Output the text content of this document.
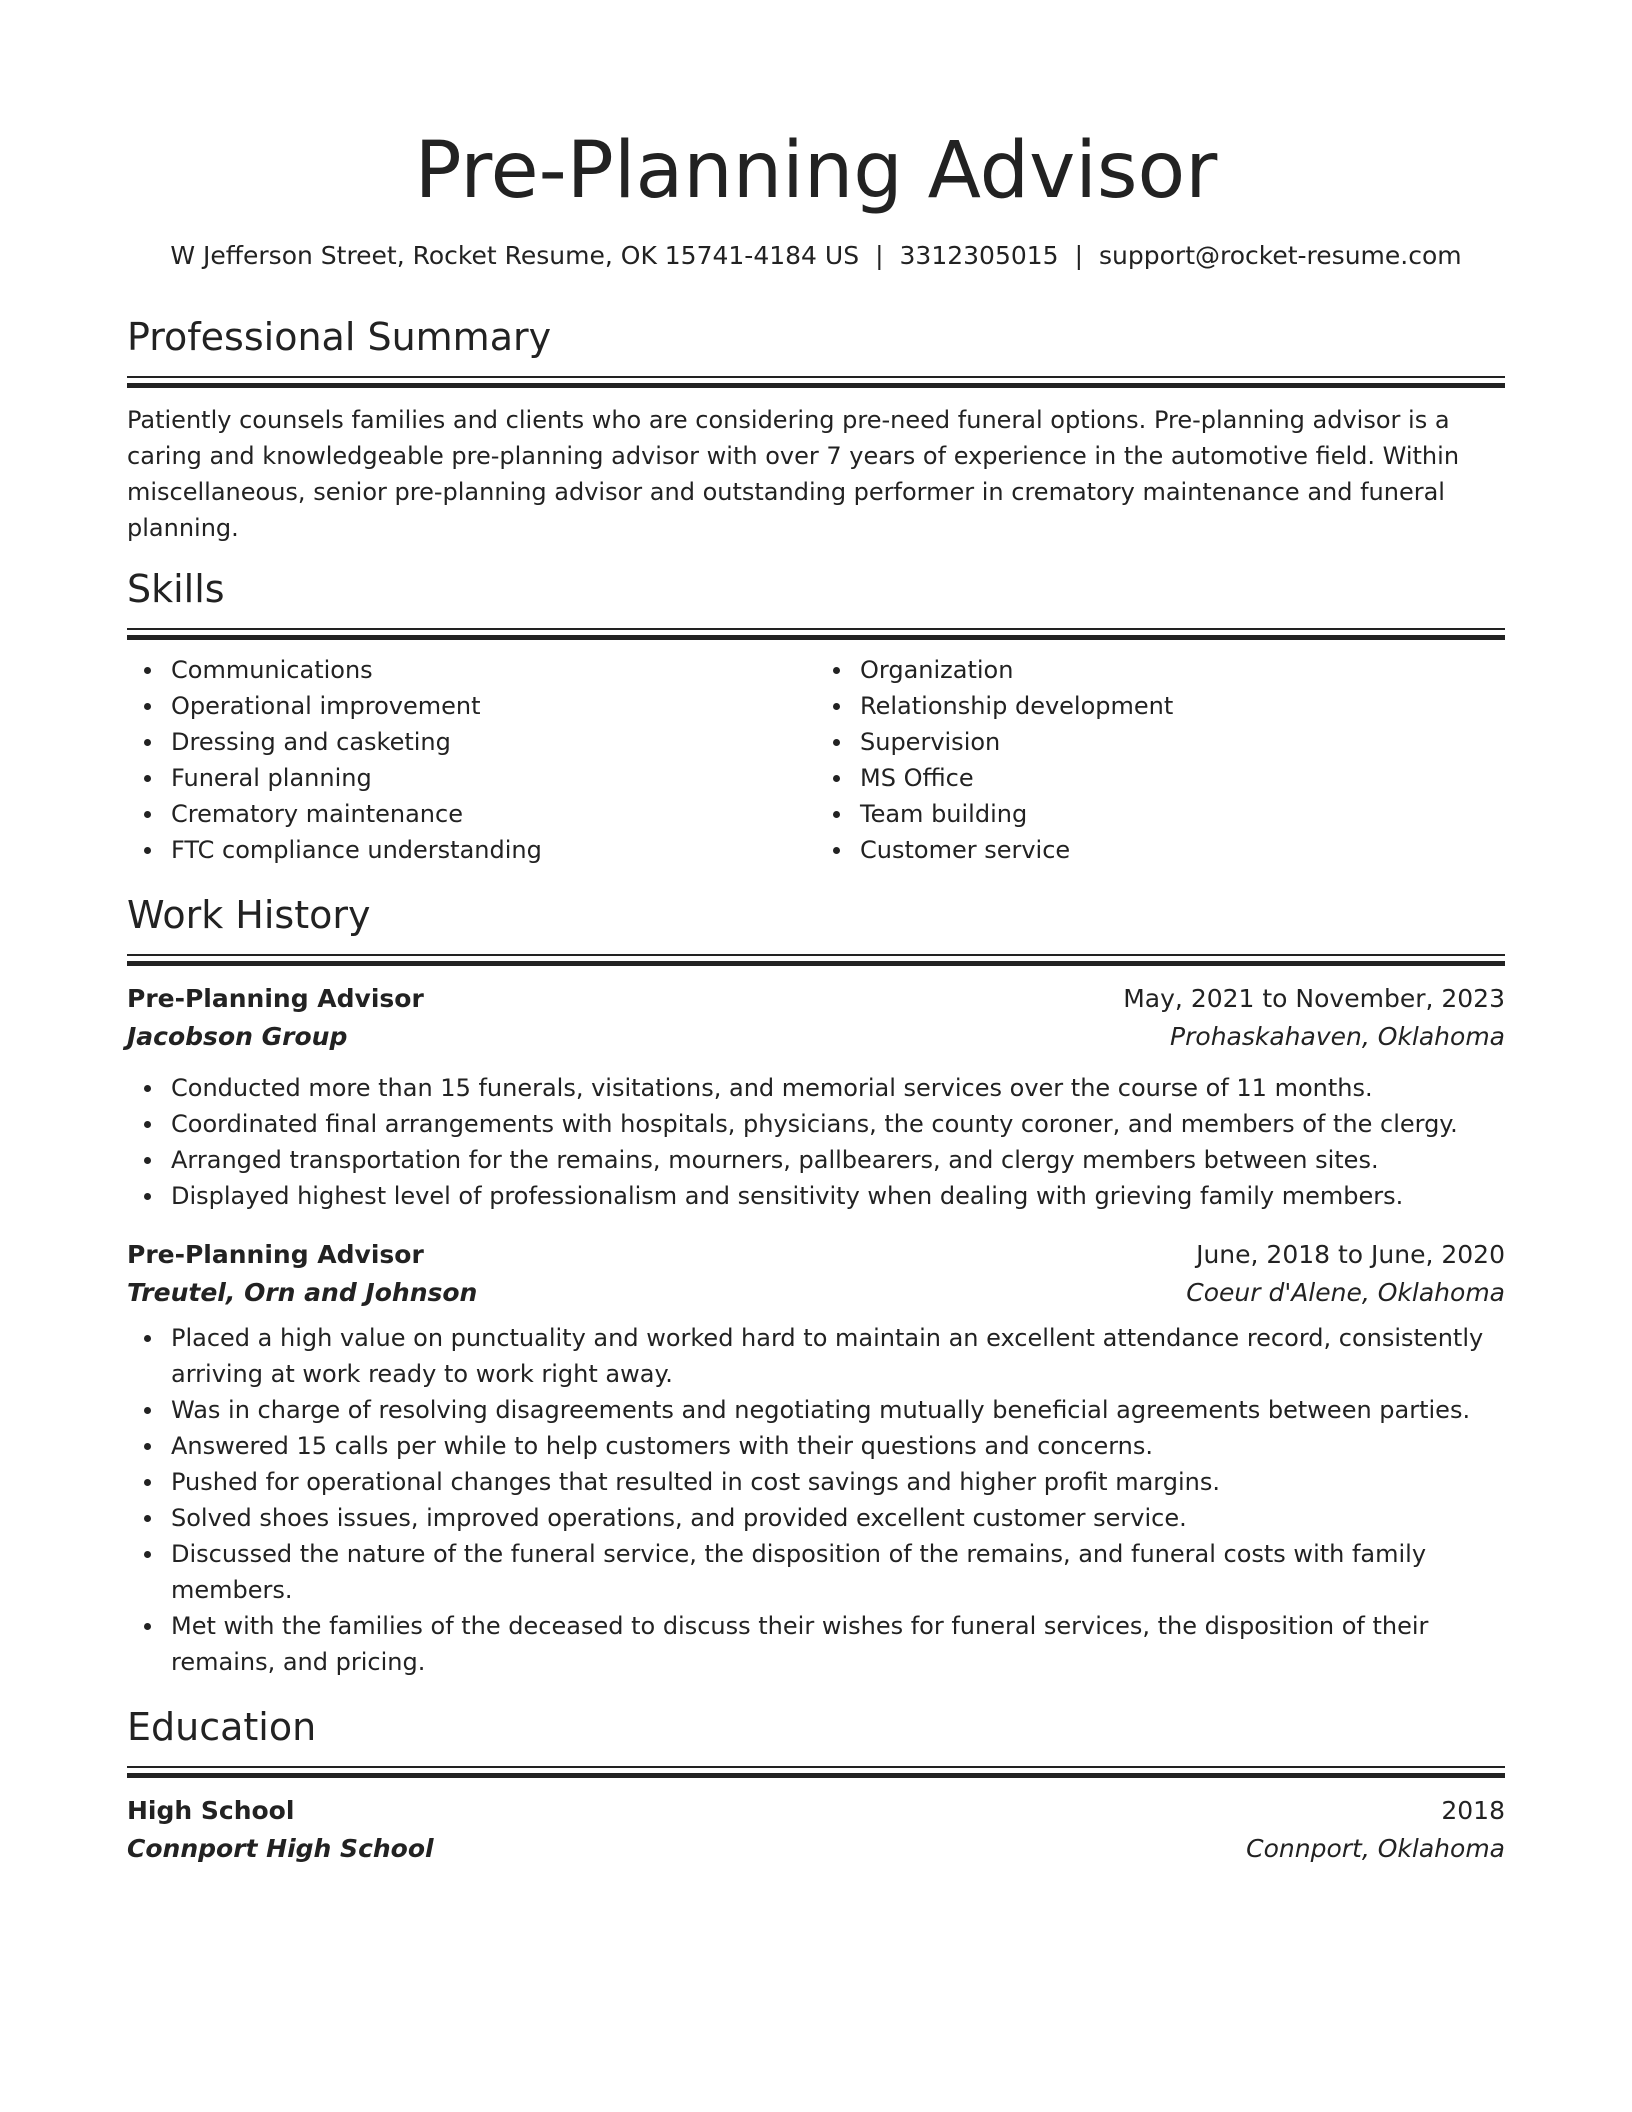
Pre-Planning Advisor
W Jefferson Street, Rocket Resume, OK 15741-4184 US | 3312305015 | support@rocket-resume.com
Professional Summary

Patiently counsels families and clients who are considering pre-need funeral options. Pre-planning advisor is a caring and knowledgeable pre-planning advisor with over 7 years of experience in the automotive field. Within miscellaneous, senior pre-planning advisor and outstanding performer in crematory maintenance and funeral planning.

Skills
Communications
Operational improvement
Dressing and casketing
Funeral planning
Crematory maintenance
FTC compliance understanding
Organization
Relationship development
Supervision
MS Office
Team building
Customer service
Work History
Pre-Planning Advisor	May, 2021 to November, 2023
Jacobson Group	Prohaskahaven, Oklahoma
Conducted more than 15 funerals, visitations, and memorial services over the course of 11 months.
Coordinated final arrangements with hospitals, physicians, the county coroner, and members of the clergy.
Arranged transportation for the remains, mourners, pallbearers, and clergy members between sites.
Displayed highest level of professionalism and sensitivity when dealing with grieving family members.
Pre-Planning Advisor	June, 2018 to June, 2020
Treutel, Orn and Johnson	Coeur d'Alene, Oklahoma
Placed a high value on punctuality and worked hard to maintain an excellent attendance record, consistently arriving at work ready to work right away.
Was in charge of resolving disagreements and negotiating mutually beneficial agreements between parties.
Answered 15 calls per while to help customers with their questions and concerns.
Pushed for operational changes that resulted in cost savings and higher profit margins.
Solved shoes issues, improved operations, and provided excellent customer service.
Discussed the nature of the funeral service, the disposition of the remains, and funeral costs with family members.
Met with the families of the deceased to discuss their wishes for funeral services, the disposition of their remains, and pricing.
Education
High School	2018
Connport High School	Connport, Oklahoma
